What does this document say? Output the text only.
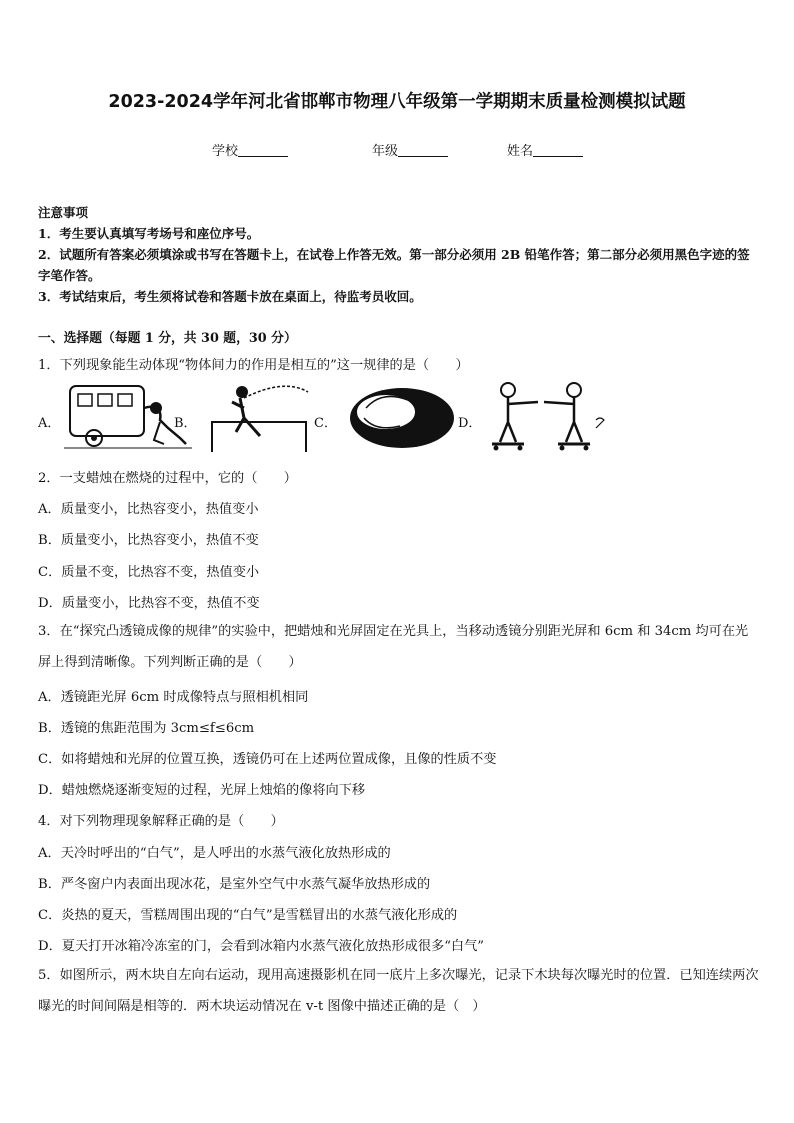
2023-2024学年河北省邯郸市物理八年级第一学期期末质量检测模拟试题
学校	年级	姓名
注意事项
1．考生要认真填写考场号和座位序号。
2．试题所有答案必须填涂或书写在答题卡上，在试卷上作答无效。第一部分必须用 2B 铅笔作答；第二部分必须用黑色字迹的签字笔作答。
3．考试结束后，考生须将试卷和答题卡放在桌面上，待监考员收回。
一、选择题（每题 1 分，共 30 题，30 分）
1．下列现象能生动体现“物体间力的作用是相互的”这一规律的是（　　）
A．	B．	C．	D．
2．一支蜡烛在燃烧的过程中，它的（　　）
A．质量变小，比热容变小，热值变小
B．质量变小，比热容变小，热值不变
C．质量不变，比热容不变，热值变小
D．质量变小，比热容不变，热值不变
3．在“探究凸透镜成像的规律”的实验中，把蜡烛和光屏固定在光具上，当移动透镜分别距光屏和 6cm 和 34cm 均可在光屏上得到清晰像。下列判断正确的是（　　）
A．透镜距光屏 6cm 时成像特点与照相机相同
B．透镜的焦距范围为 3cm≤f≤6cm
C．如将蜡烛和光屏的位置互换，透镜仍可在上述两位置成像，且像的性质不变
D．蜡烛燃烧逐渐变短的过程，光屏上烛焰的像将向下移
4．对下列物理现象解释正确的是（　　）
A．天冷时呼出的“白气”，是人呼出的水蒸气液化放热形成的
B．严冬窗户内表面出现冰花，是室外空气中水蒸气凝华放热形成的
C．炎热的夏天，雪糕周围出现的“白气”是雪糕冒出的水蒸气液化形成的
D．夏天打开冰箱冷冻室的门，会看到冰箱内水蒸气液化放热形成很多“白气”
5．如图所示，两木块自左向右运动，现用高速摄影机在同一底片上多次曝光，记录下木块每次曝光时的位置．已知连续两次曝光的时间间隔是相等的．两木块运动情况在 v-t 图像中描述正确的是（　）
